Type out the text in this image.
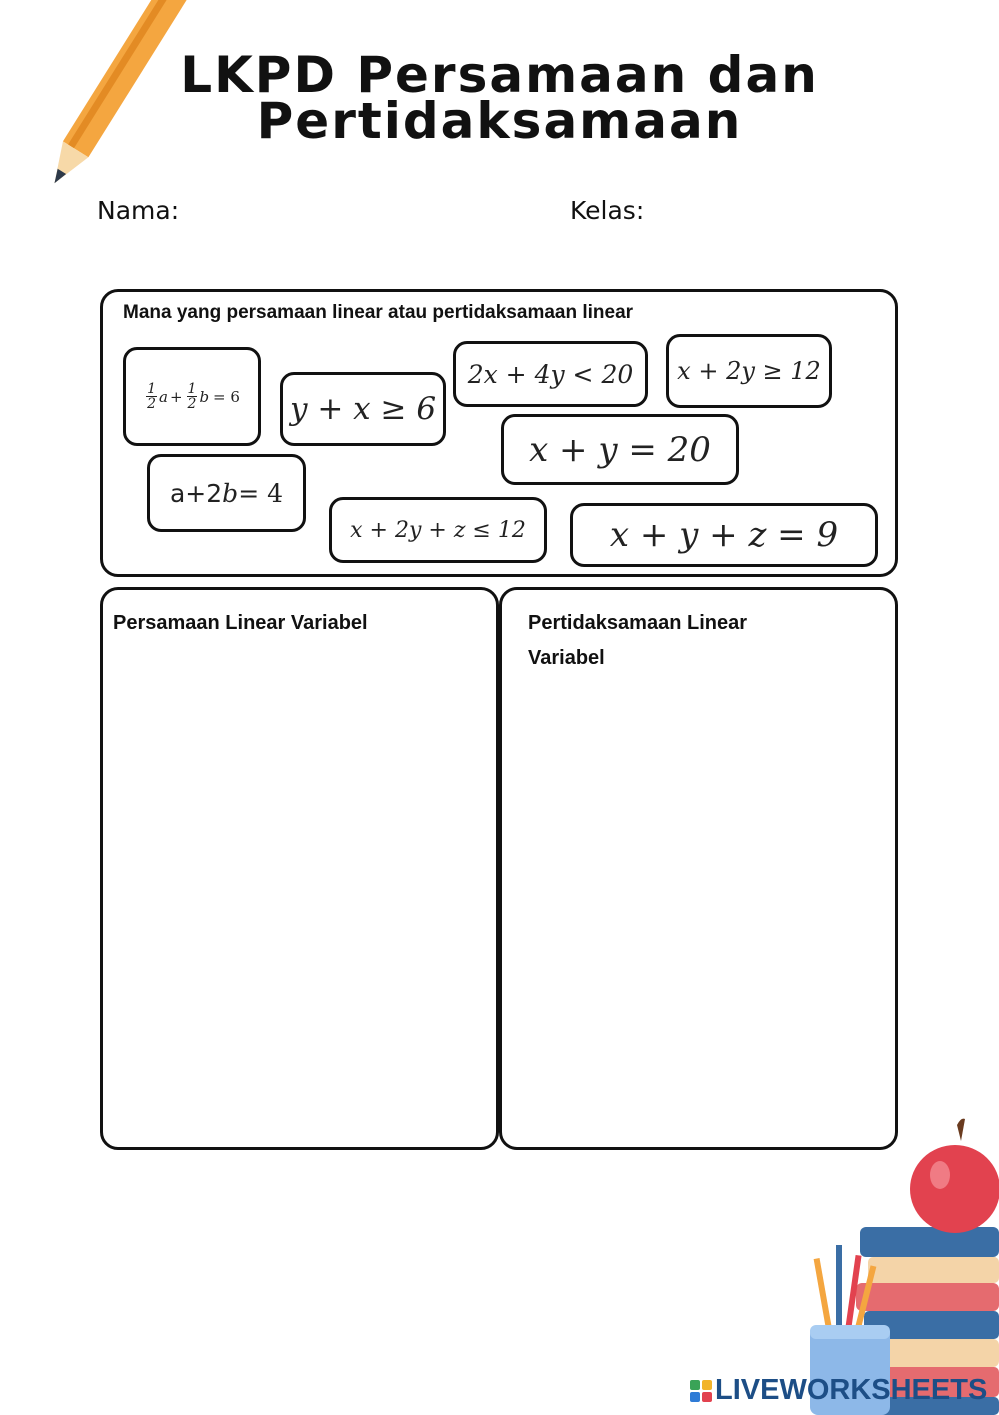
LKPD Persamaan dan
Pertidaksamaan
Nama:	Kelas:
Mana yang persamaan linear atau pertidaksamaan linear
$\frac{1}{2}$ $a + \frac{1}{2}$ b = 6 y + x ≥ 6
2x + 4y < 20 x + 2y ≥ 12
x + y = 20
a+2 b = 4
x + 2y + z ≤ 12 x + y + z = 9
Persamaan Linear Variabel	Pertidaksamaan Linear
Variabel
LIVEWORKSHEETS
